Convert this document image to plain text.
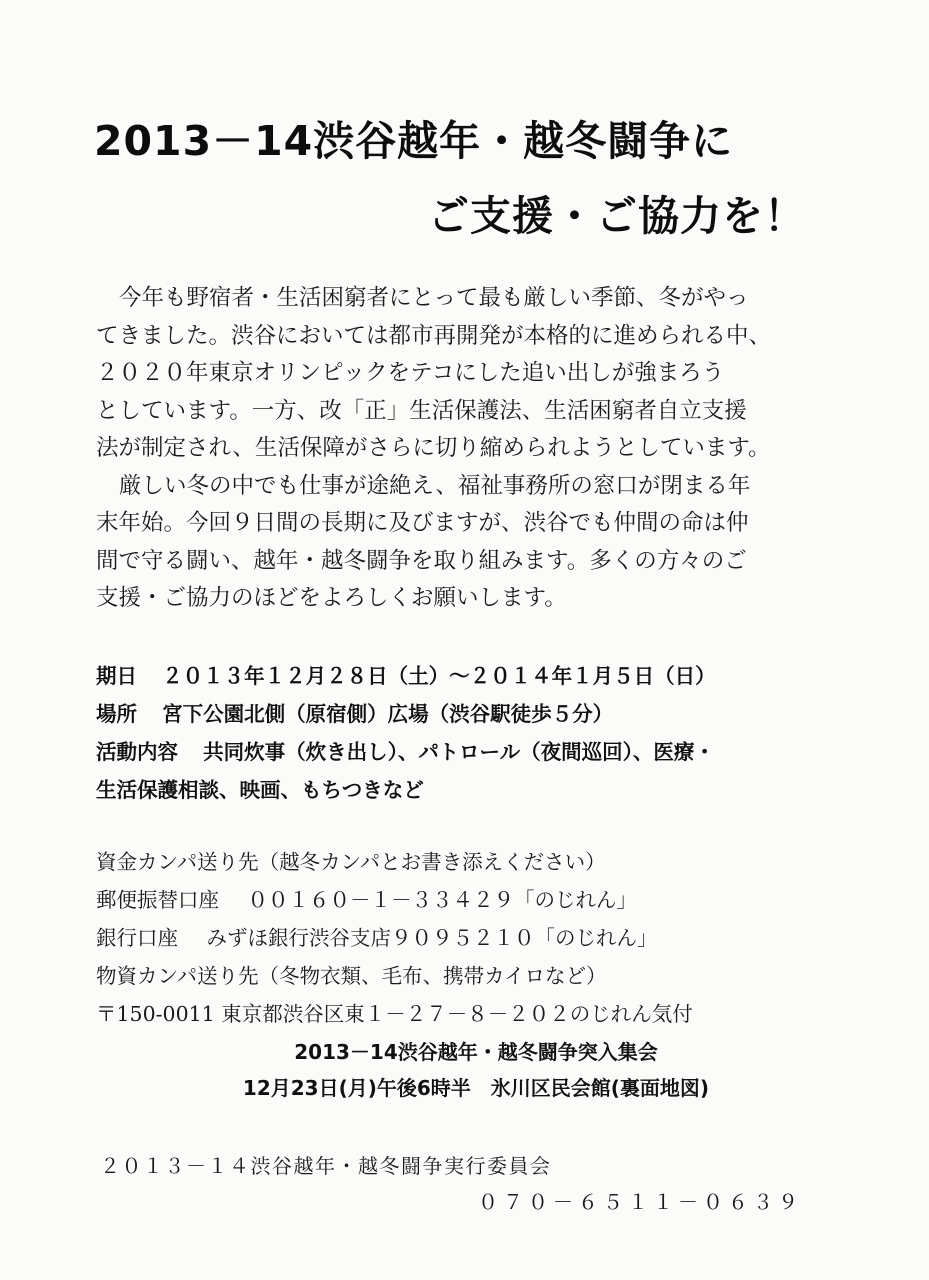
2013－14渋谷越年・越冬闘争に
ご支援・ご協力を！
今年も野宿者・生活困窮者にとって最も厳しい季節、冬がやっ
てきました。渋谷においては都市再開発が本格的に進められる中、
２０２０年東京オリンピックをテコにした追い出しが強まろう
としています。一方、改「正」生活保護法、生活困窮者自立支援
法が制定され、生活保障がさらに切り縮められようとしています。
厳しい冬の中でも仕事が途絶え、福祉事務所の窓口が閉まる年
末年始。今回９日間の長期に及びますが、渋谷でも仲間の命は仲
間で守る闘い、越年・越冬闘争を取り組みます。多くの方々のご
支援・ご協力のほどをよろしくお願いします。
期日 ２０１３年１２月２８日（土）～２０１４年１月５日（日）
場所 宮下公園北側（原宿側）広場（渋谷駅徒歩５分）
活動内容 共同炊事（炊き出し）、パトロール（夜間巡回）、医療・
生活保護相談、映画、もちつきなど
資金カンパ送り先（越冬カンパとお書き添えください）
郵便振替口座 ００１６０－１－３３４２９「のじれん」
銀行口座 みずほ銀行渋谷支店９０９５２１０「のじれん」
物資カンパ送り先（冬物衣類、毛布、携帯カイロなど）
〒150-0011 東京都渋谷区東１－２７－８－２０２のじれん気付
2013－14渋谷越年・越冬闘争突入集会
12月23日(月)午後6時半　氷川区民会館(裏面地図)
２０１３－１４渋谷越年・越冬闘争実行委員会
０７０－６５１１－０６３９
